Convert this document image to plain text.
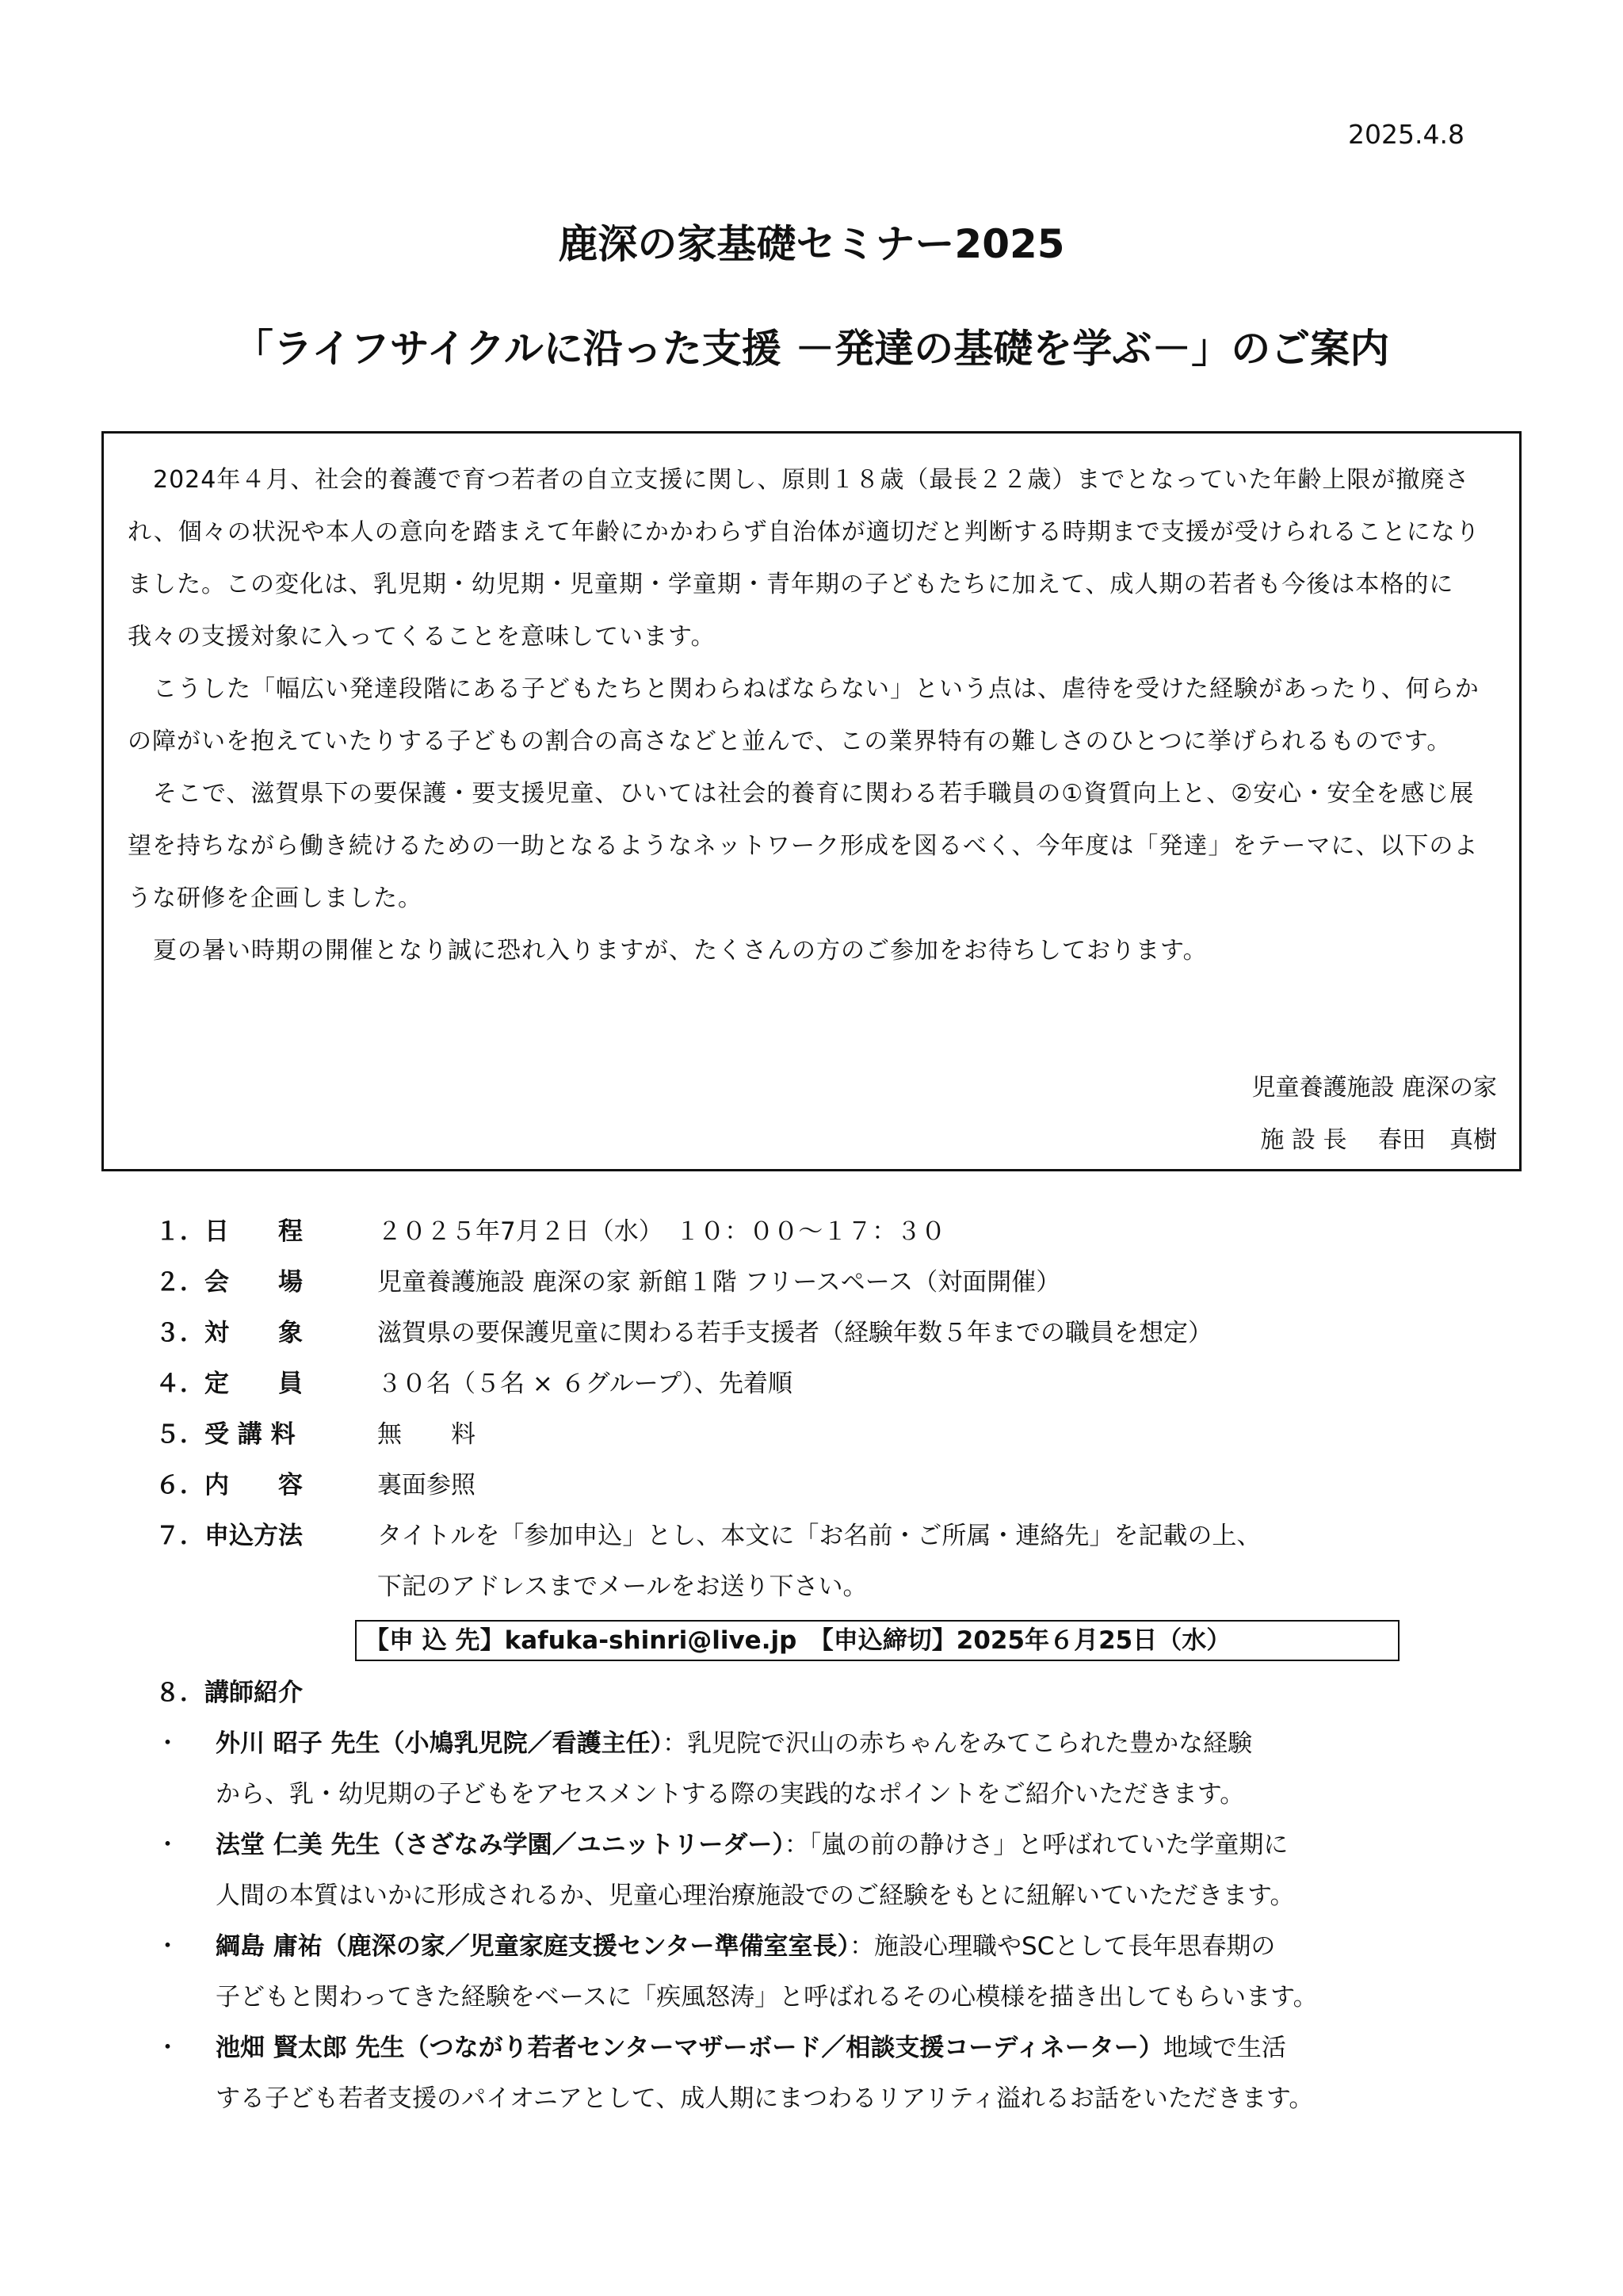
2025.4.8
鹿深の家基礎セミナー2025
「ライフサイクルに沿った支援 －発達の基礎を学ぶ－」のご案内

2024年４月、社会的養護で育つ若者の自立支援に関し、原則１８歳（最長２２歳）までとなっていた年齢上限が撤廃され、個々の状況や本人の意向を踏まえて年齢にかかわらず自治体が適切だと判断する時期まで支援が受けられることになりました。この変化は、乳児期・幼児期・児童期・学童期・青年期の子どもたちに加えて、成人期の若者も今後は本格的に我々の支援対象に入ってくることを意味しています。

こうした「幅広い発達段階にある子どもたちと関わらねばならない」という点は、虐待を受けた経験があったり、何らかの障がいを抱えていたりする子どもの割合の高さなどと並んで、この業界特有の難しさのひとつに挙げられるものです。

そこで、滋賀県下の要保護・要支援児童、ひいては社会的養育に関わる若手職員の①資質向上と、②安心・安全を感じ展望を持ちながら働き続けるための一助となるようなネットワーク形成を図るべく、今年度は「発達」をテーマに、以下のような研修を企画しました。

夏の暑い時期の開催となり誠に恐れ入りますが、たくさんの方のご参加をお待ちしております。

児童養護施設 鹿深の家
施 設 長　 春田　真樹
１．日　　程	２０２５年7月２日（水）　１０：００～１７：３０
２．会　　場	児童養護施設 鹿深の家 新館１階 フリースペース（対面開催）
３．対　　象	滋賀県の要保護児童に関わる若手支援者（経験年数５年までの職員を想定）
４．定　　員	３０名（５名 × ６グループ）、先着順
５．受 講 料	無　　料
６．内　　容	裏面参照
７．申込方法	タイトルを「参加申込」とし、本文に「お名前・ご所属・連絡先」を記載の上、
下記のアドレスまでメールをお送り下さい。
【申 込 先】kafuka-shinri@live.jp　【申込締切】2025年６月25日（水）
８．講師紹介
・	外川 昭子 先生（小鳩乳児院／看護主任）：乳児院で沢山の赤ちゃんをみてこられた豊かな経験
から、乳・幼児期の子どもをアセスメントする際の実践的なポイントをご紹介いただきます。
・	法堂 仁美 先生（さざなみ学園／ユニットリーダー）：「嵐の前の静けさ」と呼ばれていた学童期に
人間の本質はいかに形成されるか、児童心理治療施設でのご経験をもとに紐解いていただきます。
・	綱島 庸祐（鹿深の家／児童家庭支援センター準備室室長）：施設心理職やSCとして長年思春期の
子どもと関わってきた経験をベースに「疾風怒涛」と呼ばれるその心模様を描き出してもらいます。
・	池畑 賢太郎 先生（つながり若者センターマザーボード／相談支援コーディネーター）地域で生活
する子ども若者支援のパイオニアとして、成人期にまつわるリアリティ溢れるお話をいただきます。
